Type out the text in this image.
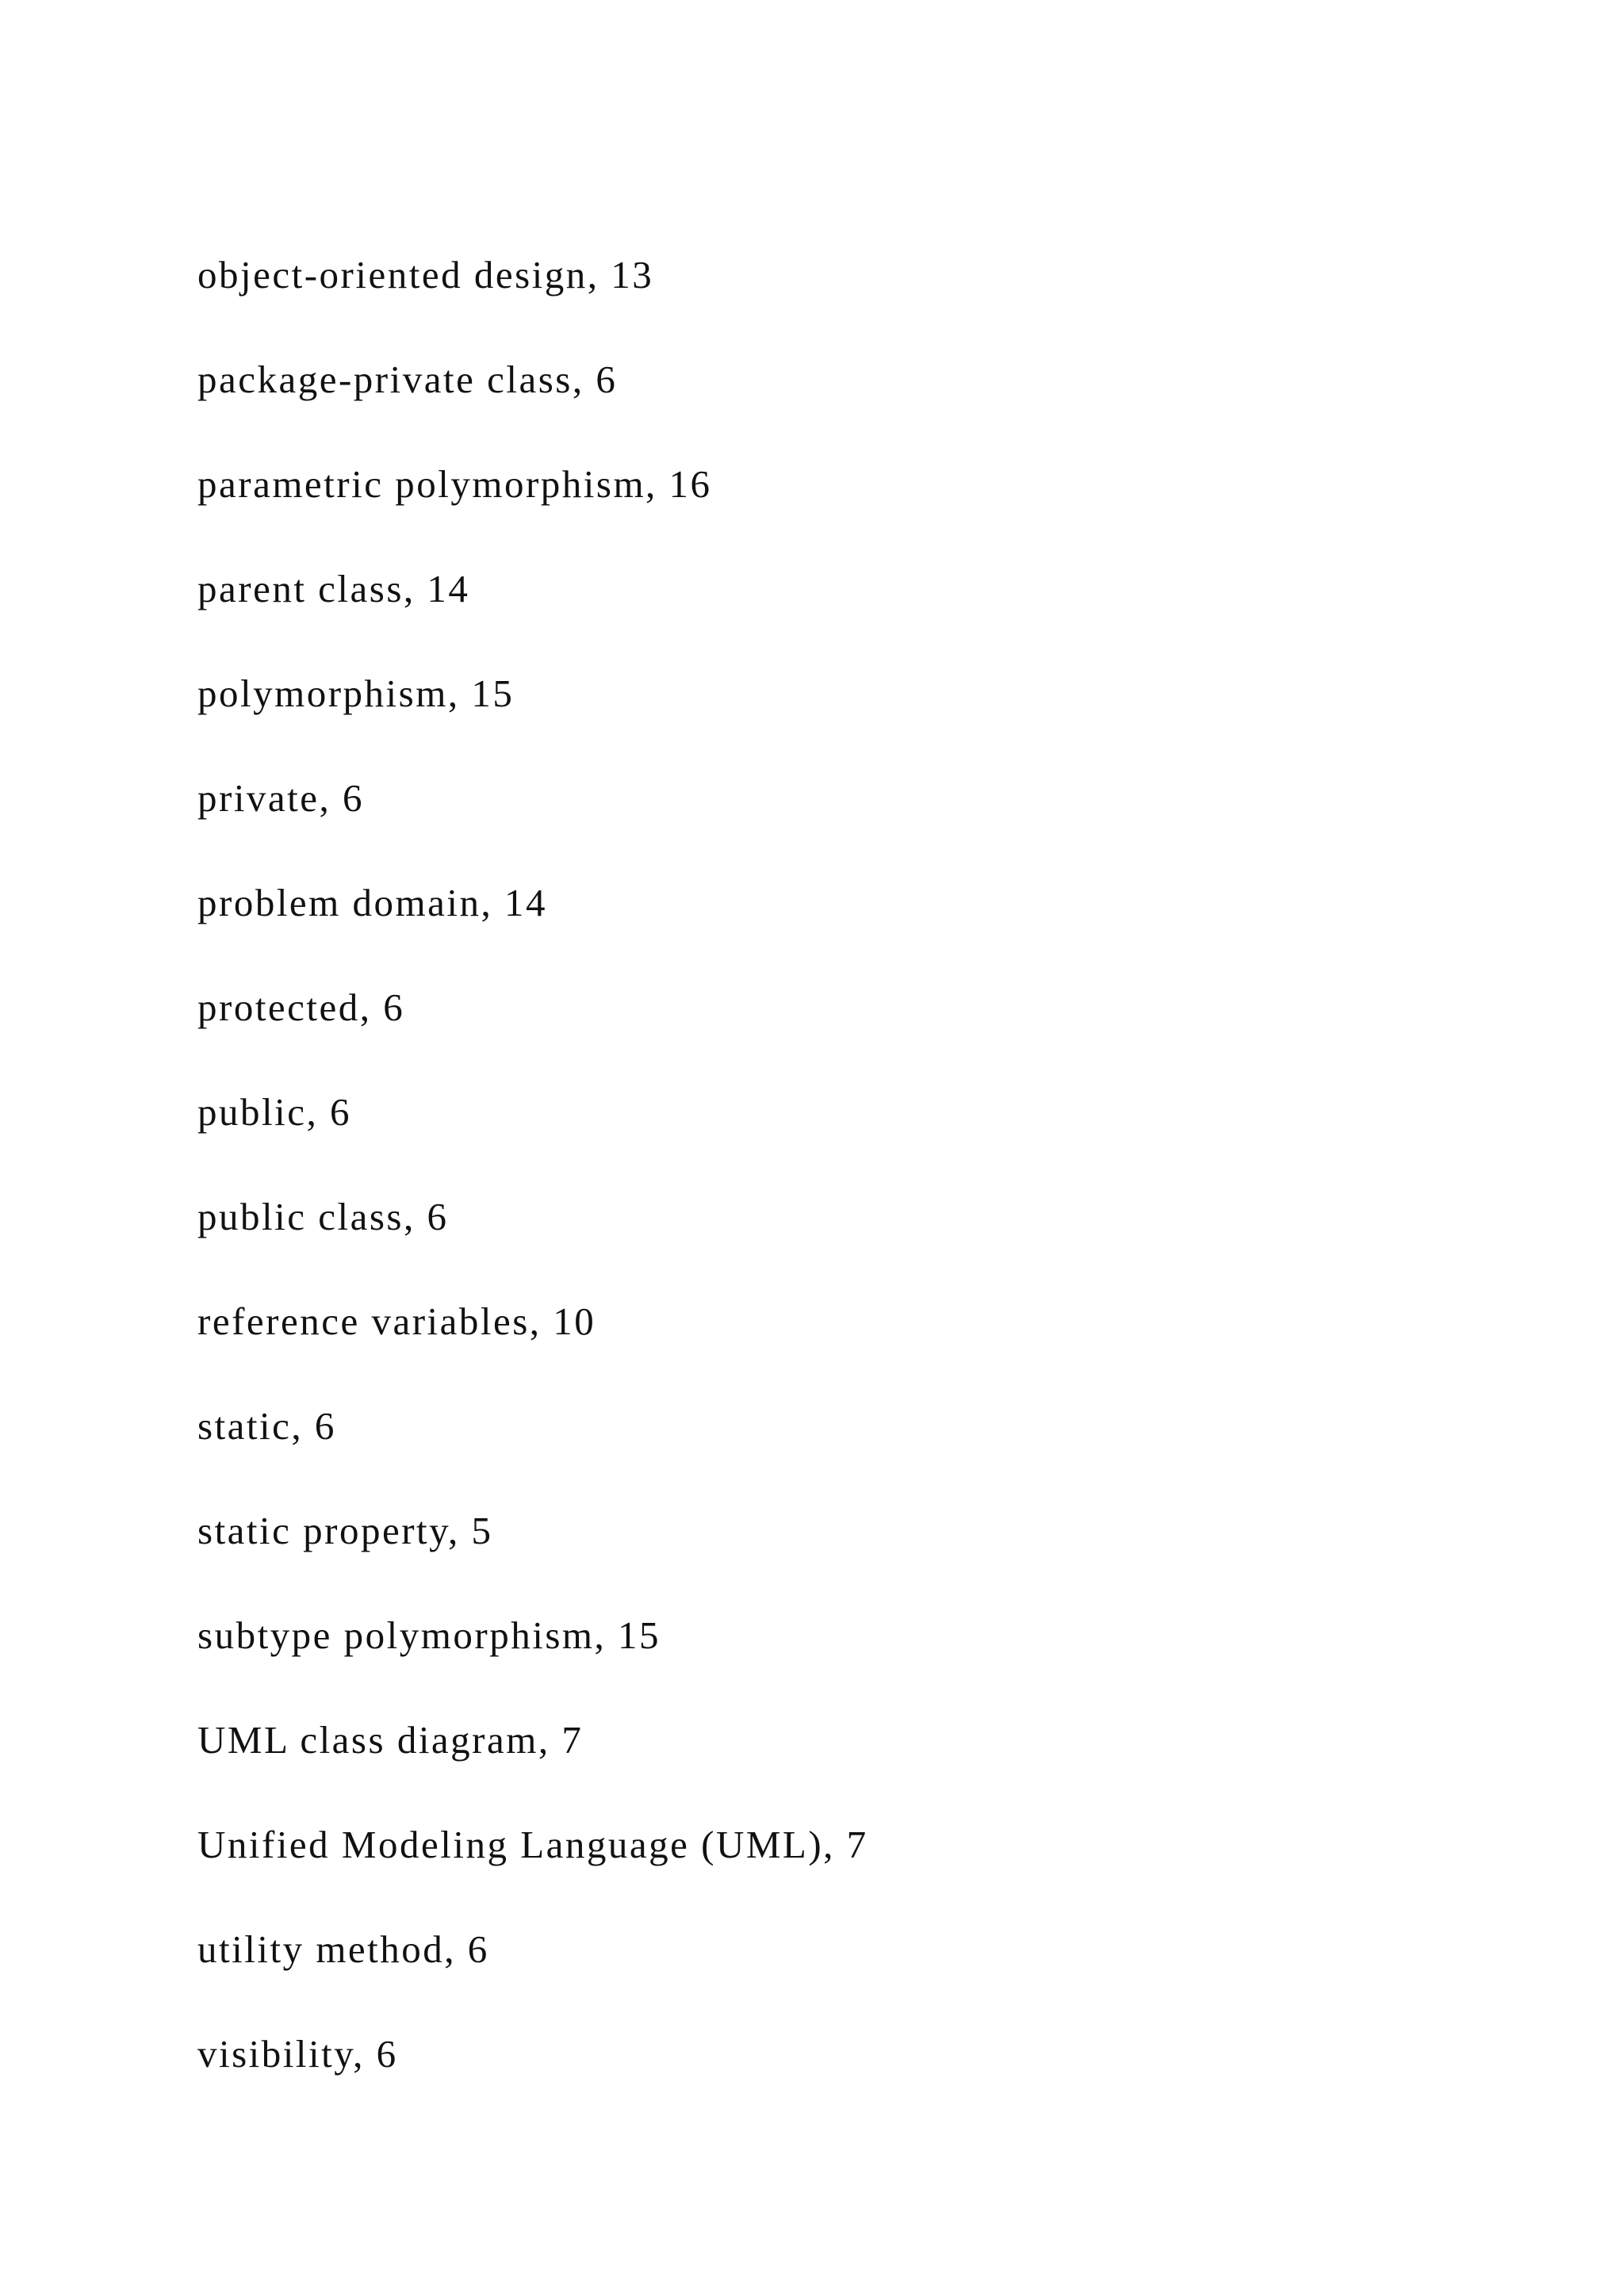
object-oriented design, 13
package-private class, 6
parametric polymorphism, 16
parent class, 14
polymorphism, 15
private, 6
problem domain, 14
protected, 6
public, 6
public class, 6
reference variables, 10
static, 6
static property, 5
subtype polymorphism, 15
UML class diagram, 7
Unified Modeling Language (UML), 7
utility method, 6
visibility, 6
